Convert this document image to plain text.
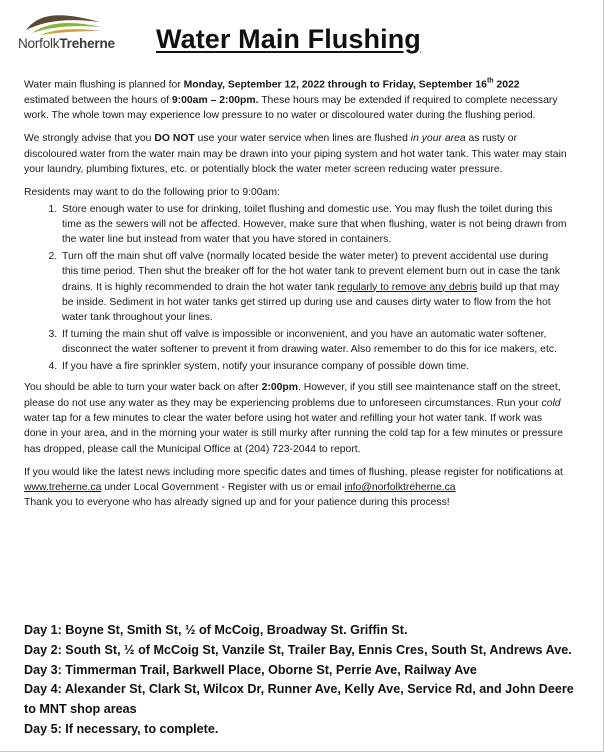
NorfolkTreherne Water Main Flushing

Water main flushing is planned for Monday, September 12, 2022 through to Friday, September 16th 2022 estimated between the hours of 9:00am – 2:00pm. These hours may be extended if required to complete necessary work. The whole town may experience low pressure to no water or discoloured water during the flushing period.

We strongly advise that you DO NOT use your water service when lines are flushed in your area as rusty or discoloured water from the water main may be drawn into your piping system and hot water tank. This water may stain your laundry, plumbing fixtures, etc. or potentially block the water meter screen reducing water pressure.

Residents may want to do the following prior to 9:00am:

1. Store enough water to use for drinking, toilet flushing and domestic use. You may flush the toilet during this time as the sewers will not be affected. However, make sure that when flushing, water is not being drawn from the water line but instead from water that you have stored in containers.
2. Turn off the main shut off valve (normally located beside the water meter) to prevent accidental use during this time period. Then shut the breaker off for the hot water tank to prevent element burn out in case the tank drains. It is highly recommended to drain the hot water tank regularly to remove any debris build up that may be inside. Sediment in hot water tanks get stirred up during use and causes dirty water to flow from the hot water tank throughout your lines.
3. If turning the main shut off valve is impossible or inconvenient, and you have an automatic water softener, disconnect the water softener to prevent it from drawing water. Also remember to do this for ice makers, etc.
4. If you have a fire sprinkler system, notify your insurance company of possible down time.

You should be able to turn your water back on after 2:00pm. However, if you still see maintenance staff on the street, please do not use any water as they may be experiencing problems due to unforeseen circumstances. Run your cold water tap for a few minutes to clear the water before using hot water and refilling your hot water tank. If work was done in your area, and in the morning your water is still murky after running the cold tap for a few minutes or pressure has dropped, please call the Municipal Office at (204) 723-2044 to report.

If you would like the latest news including more specific dates and times of flushing, please register for notifications at www.treherne.ca under Local Government - Register with us or email info@norfolktreherne.ca
Thank you to everyone who has already signed up and for your patience during this process!

Day 1: Boyne St, Smith St, ½ of McCoig, Broadway St. Griffin St.
Day 2: South St, ½ of McCoig St, Vanzile St, Trailer Bay, Ennis Cres, South St, Andrews Ave.
Day 3: Timmerman Trail, Barkwell Place, Oborne St, Perrie Ave, Railway Ave
Day 4: Alexander St, Clark St, Wilcox Dr, Runner Ave, Kelly Ave, Service Rd, and John Deere to MNT shop areas
Day 5: If necessary, to complete.
